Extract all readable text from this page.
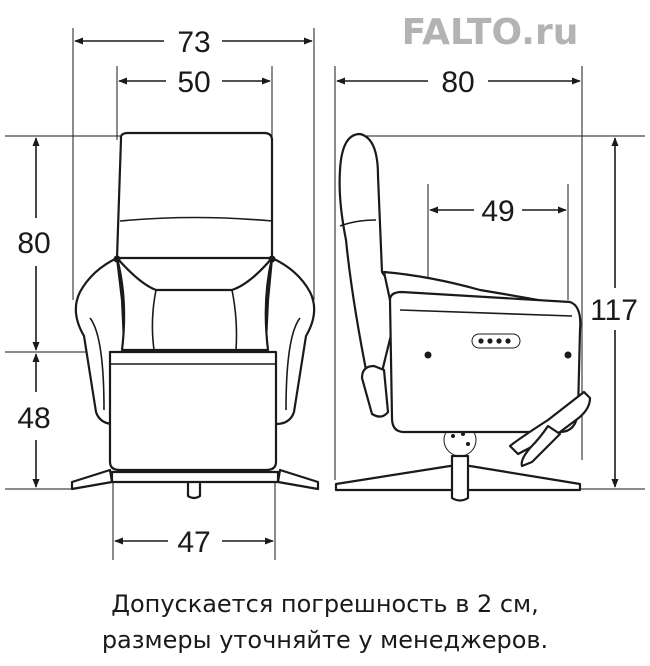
FALTO.ru
73
50
80
48
47
80
49
117
Допускается погрешность в 2 см,
размеры уточняйте у менеджеров.
